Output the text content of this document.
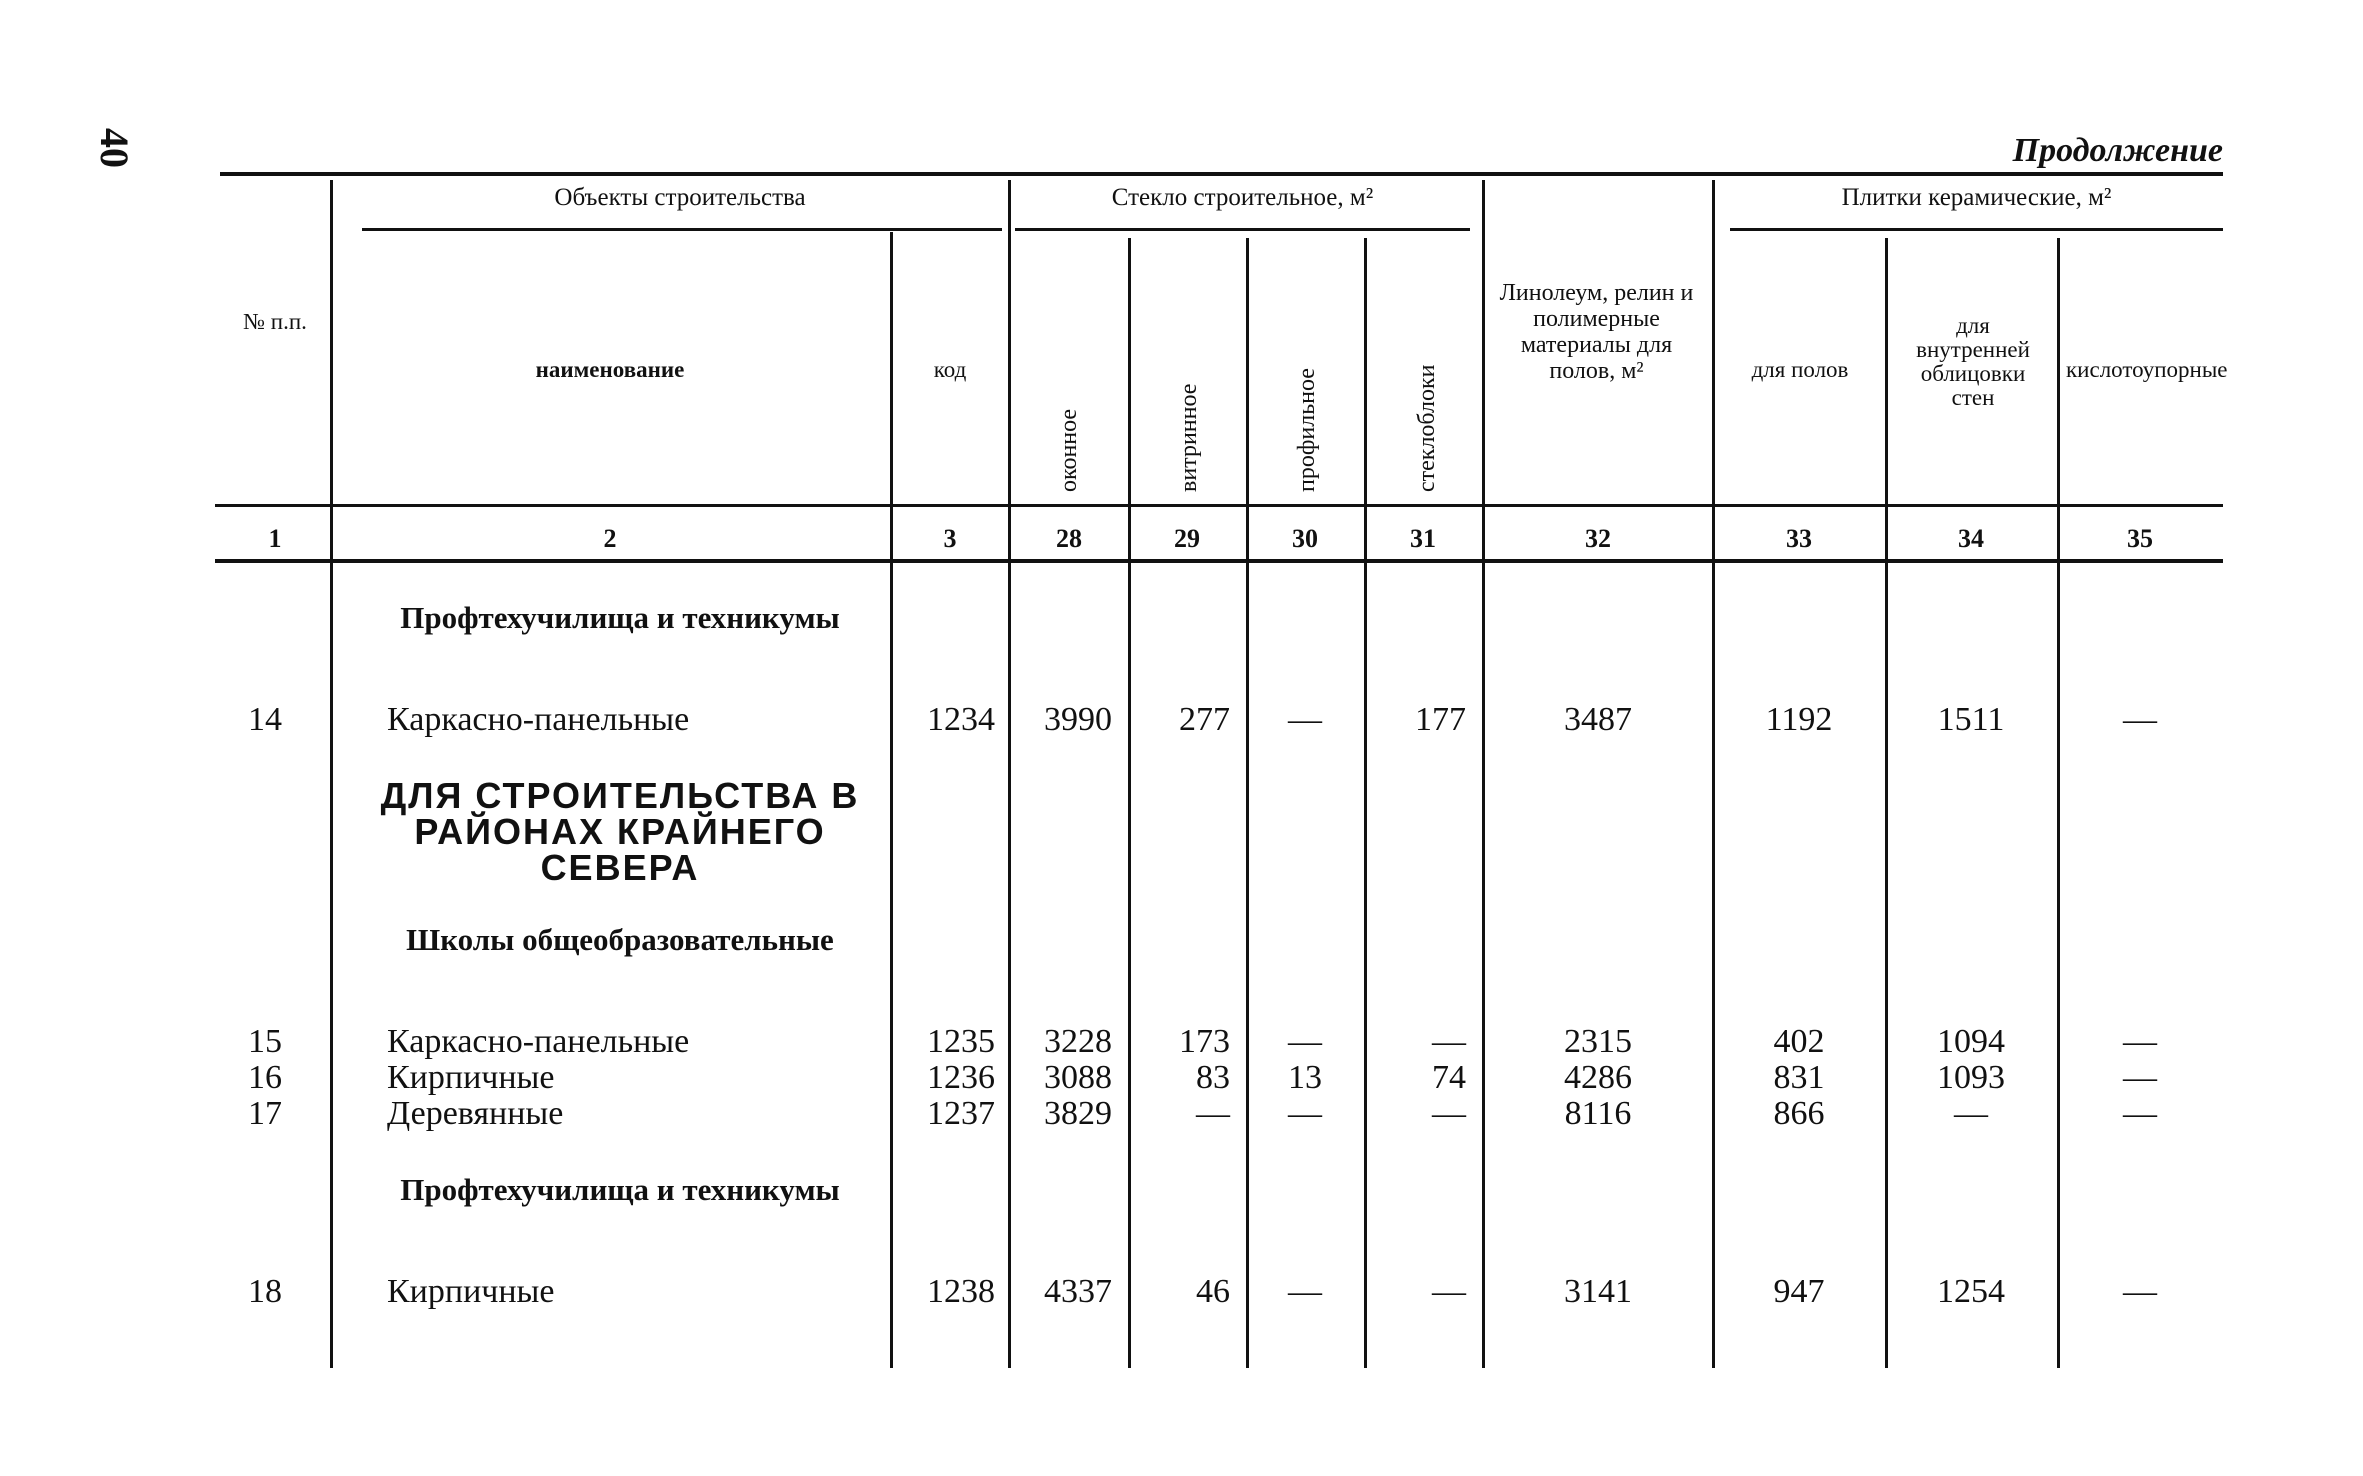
40	Продолжение
№ п.п.
Объекты строительства
наименование	код
Стекло строительное, м²
оконное	витринное	профильное	стеклоблоки
Линолеум, релин и полимерные материалы для полов, м²
Плитки керамические, м²
для полов
для внутренней облицовки стен
кислотоупорные
1	2	3	28	29	30	31	32	33	34	35
Профтехучилища и техникумы
ДЛЯ СТРОИТЕЛЬСТВА В РАЙОНАХ КРАЙНЕГО СЕВЕРА
Школы общеобразовательные
Профтехучилища и техникумы
14	Каркасно-панельные	1234	3990	277	—	177	3487	1192	1511	—
15	Каркасно-панельные	1235	3228	173	—	—	2315	402	1094	—
16	Кирпичные	1236	3088	83	13	74	4286	831	1093	—
17	Деревянные	1237	3829	—	—	—	8116	866	—	—
18	Кирпичные	1238	4337	46	—	—	3141	947	1254	—
